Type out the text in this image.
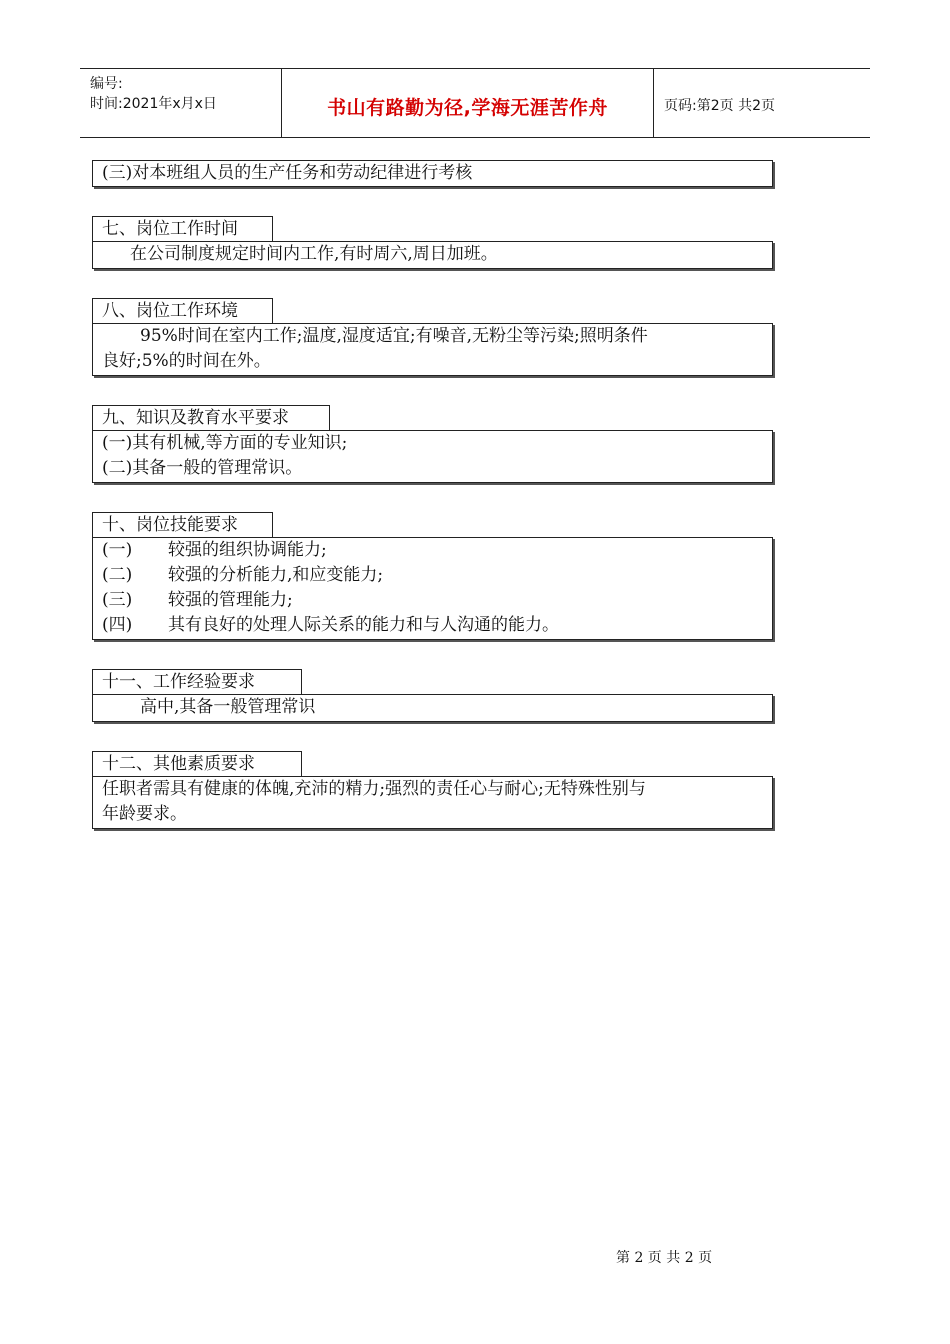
编号:
时间:2021年x月x日	书山有路勤为径,学海无涯苦作舟	页码:第2页 共2页
(三)对本班组人员的生产任务和劳动纪律进行考核
七、岗位工作时间
在公司制度规定时间内工作,有时周六,周日加班。
八、岗位工作环境
95%时间在室内工作;温度,湿度适宜;有噪音,无粉尘等污染;照明条件
良好;5%的时间在外。
九、知识及教育水平要求
(一)其有机械,等方面的专业知识;
(二)其备一般的管理常识。
十、岗位技能要求
(一) 较强的组织协调能力;
(二) 较强的分析能力,和应变能力;
(三) 较强的管理能力;
(四) 其有良好的处理人际关系的能力和与人沟通的能力。
十一、工作经验要求
高中,其备一般管理常识
十二、其他素质要求
任职者需具有健康的体魄,充沛的精力;强烈的责任心与耐心;无特殊性别与
年龄要求。
第 2 页 共 2 页
